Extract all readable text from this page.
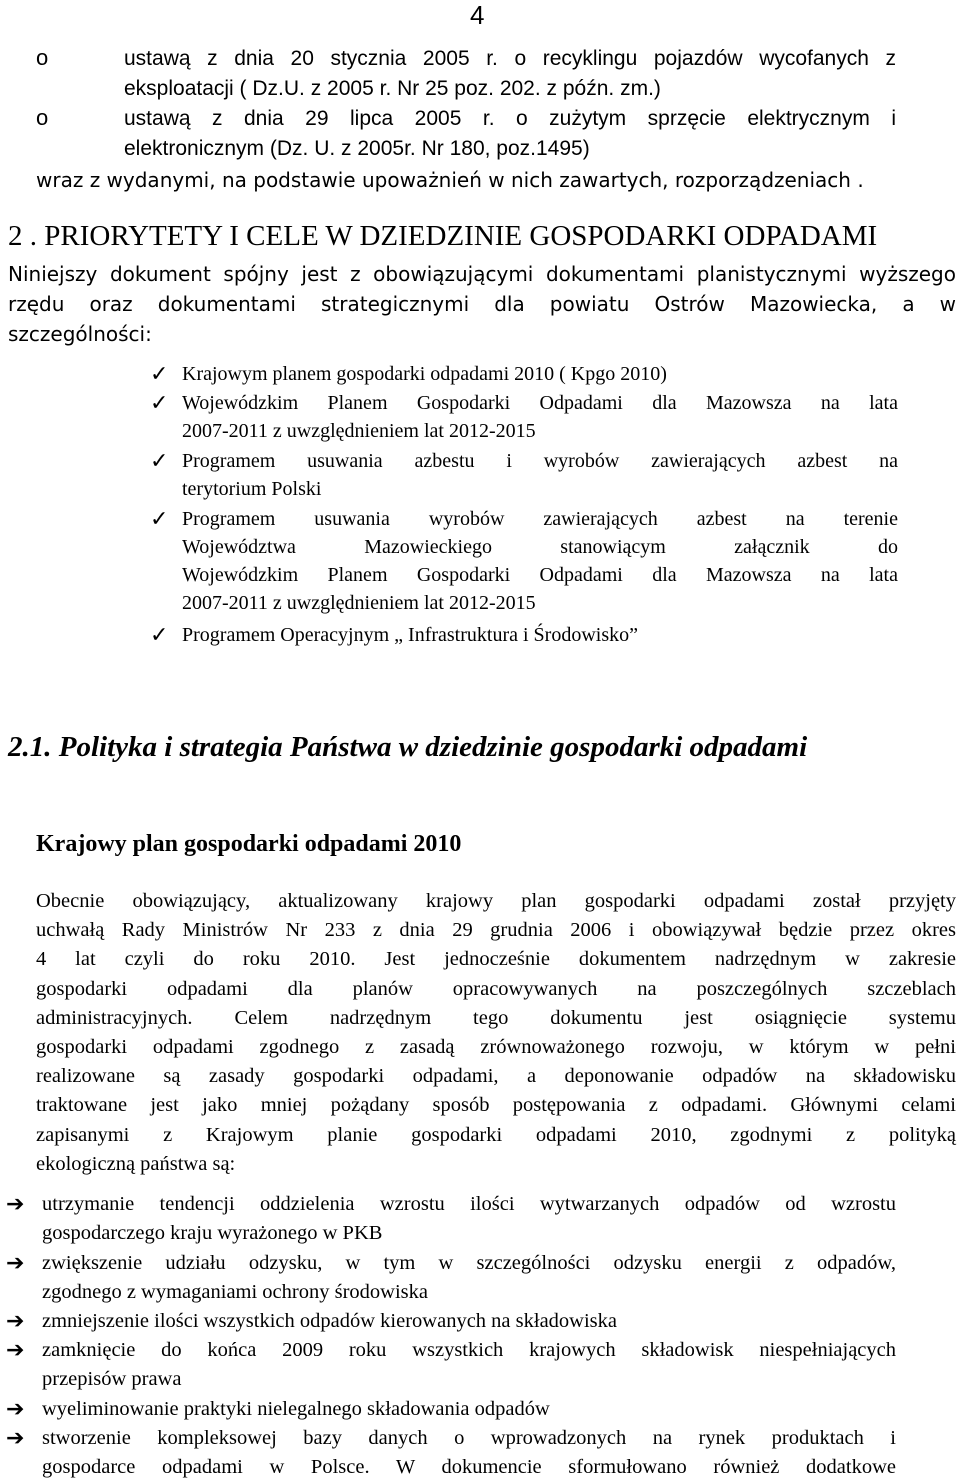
4
o	ustawą z dnia 20 stycznia 2005 r. o recyklingu pojazdów wycofanych z
eksploatacji ( Dz.U. z 2005 r. Nr 25 poz. 202. z późn. zm.)
o	ustawą z dnia 29 lipca 2005 r. o zużytym sprzęcie elektrycznym i
elektronicznym (Dz. U. z 2005r. Nr 180, poz.1495)
wraz z wydanymi, na podstawie upoważnień w nich zawartych, rozporządzeniach .
2 . PRIORYTETY I CELE W DZIEDZINIE GOSPODARKI ODPADAMI
Niniejszy dokument spójny jest z obowiązującymi dokumentami planistycznymi wyższego
rzędu oraz dokumentami strategicznymi dla powiatu Ostrów Mazowiecka, a w
szczególności:
✓ Krajowym planem gospodarki odpadami 2010 ( Kpgo 2010)
✓ Wojewódzkim Planem Gospodarki Odpadami dla Mazowsza na lata
2007-2011 z uwzględnieniem lat 2012-2015
✓ Programem usuwania azbestu i wyrobów zawierających azbest na
terytorium Polski
✓ Programem usuwania wyrobów zawierających azbest na terenie
Województwa Mazowieckiego stanowiącym załącznik do
Wojewódzkim Planem Gospodarki Odpadami dla Mazowsza na lata
2007-2011 z uwzględnieniem lat 2012-2015
✓ Programem Operacyjnym „ Infrastruktura i Środowisko”
2.1. Polityka i strategia Państwa w dziedzinie gospodarki odpadami
Krajowy plan gospodarki odpadami 2010
Obecnie obowiązujący, aktualizowany krajowy plan gospodarki odpadami został przyjęty
uchwałą Rady Ministrów Nr 233 z dnia 29 grudnia 2006 i obowiązywał będzie przez okres
4 lat czyli do roku 2010. Jest jednocześnie dokumentem nadrzędnym w zakresie
gospodarki odpadami dla planów opracowywanych na poszczególnych szczeblach
administracyjnych. Celem nadrzędnym tego dokumentu jest osiągnięcie systemu
gospodarki odpadami zgodnego z zasadą zrównoważonego rozwoju, w którym w pełni
realizowane są zasady gospodarki odpadami, a deponowanie odpadów na składowisku
traktowane jest jako mniej pożądany sposób postępowania z odpadami. Głównymi celami
zapisanymi z Krajowym planie gospodarki odpadami 2010, zgodnymi z polityką
ekologiczną państwa są:
➔ utrzymanie tendencji oddzielenia wzrostu ilości wytwarzanych odpadów od wzrostu
gospodarczego kraju wyrażonego w PKB
➔ zwiększenie udziału odzysku, w tym w szczególności odzysku energii z odpadów,
zgodnego z wymaganiami ochrony środowiska
➔ zmniejszenie ilości wszystkich odpadów kierowanych na składowiska
➔ zamknięcie do końca 2009 roku wszystkich krajowych składowisk niespełniających
przepisów prawa
➔ wyeliminowanie praktyki nielegalnego składowania odpadów
➔ stworzenie kompleksowej bazy danych o wprowadzonych na rynek produktach i
gospodarce odpadami w Polsce. W dokumencie sformułowano również dodatkowe
